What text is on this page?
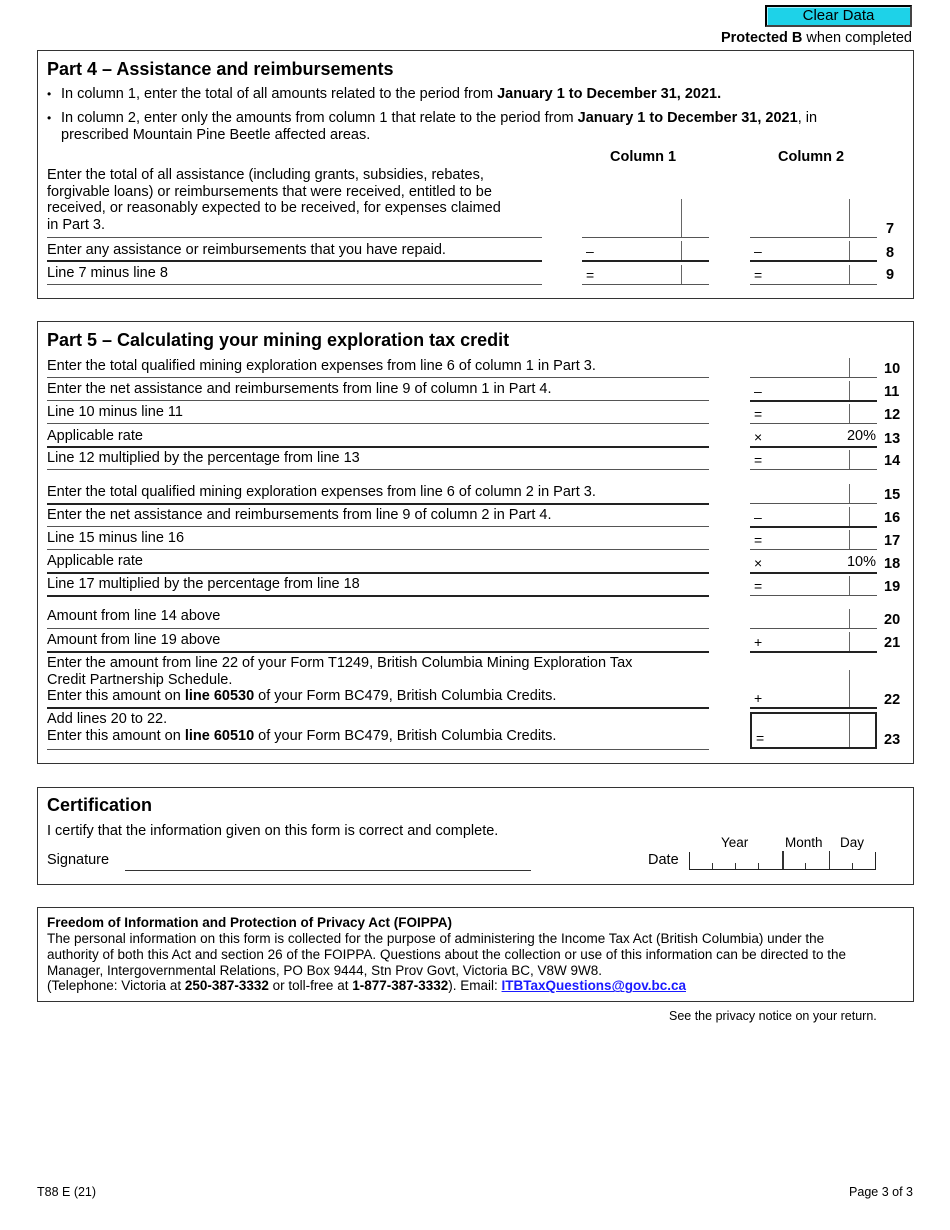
Clear Data
Protected B when completed
Part 4 – Assistance and reimbursements
• In column 1, enter the total of all amounts related to the period from January 1 to December 31, 2021.
• In column 2, enter only the amounts from column 1 that relate to the period from January 1 to December 31, 2021, in
prescribed Mountain Pine Beetle affected areas.
Column 1	Column 2
Enter the total of all assistance (including grants, subsidies, rebates,
forgivable loans) or reimbursements that were received, entitled to be
received, or reasonably expected to be received, for expenses claimed
in Part 3.	7
Enter any assistance or reimbursements that you have repaid.	–	–	8
Line 7 minus line 8	=	=	9
Part 5 – Calculating your mining exploration tax credit
Enter the total qualified mining exploration expenses from line 6 of column 1 in Part 3.	10
Enter the net assistance and reimbursements from line 9 of column 1 in Part 4.	–	11
Line 10 minus line 11	=	12
Applicable rate	×	20% 13
Line 12 multiplied by the percentage from line 13	=	14
Enter the total qualified mining exploration expenses from line 6 of column 2 in Part 3.	15
Enter the net assistance and reimbursements from line 9 of column 2 in Part 4.	–	16
Line 15 minus line 16	=	17
Applicable rate	×	10% 18
Line 17 multiplied by the percentage from line 18	=	19
Amount from line 14 above	20
Amount from line 19 above	+	21
Enter the amount from line 22 of your Form T1249, British Columbia Mining Exploration Tax
Credit Partnership Schedule.
Enter this amount on line 60530 of your Form BC479, British Columbia Credits.	+	22
Add lines 20 to 22.
Enter this amount on line 60510 of your Form BC479, British Columbia Credits.	=	23
Certification
I certify that the information given on this form is correct and complete.
Signature	Date
Year	Month Day
Freedom of Information and Protection of Privacy Act (FOIPPA)
The personal information on this form is collected for the purpose of administering the Income Tax Act (British Columbia) under the
authority of both this Act and section 26 of the FOIPPA. Questions about the collection or use of this information can be directed to the
Manager, Intergovernmental Relations, PO Box 9444, Stn Prov Govt, Victoria BC, V8W 9W8.
(Telephone: Victoria at 250-387-3332 or toll-free at 1-877-387-3332). Email: ITBTaxQuestions@gov.bc.ca
See the privacy notice on your return.
T88 E (21)	Page 3 of 3
